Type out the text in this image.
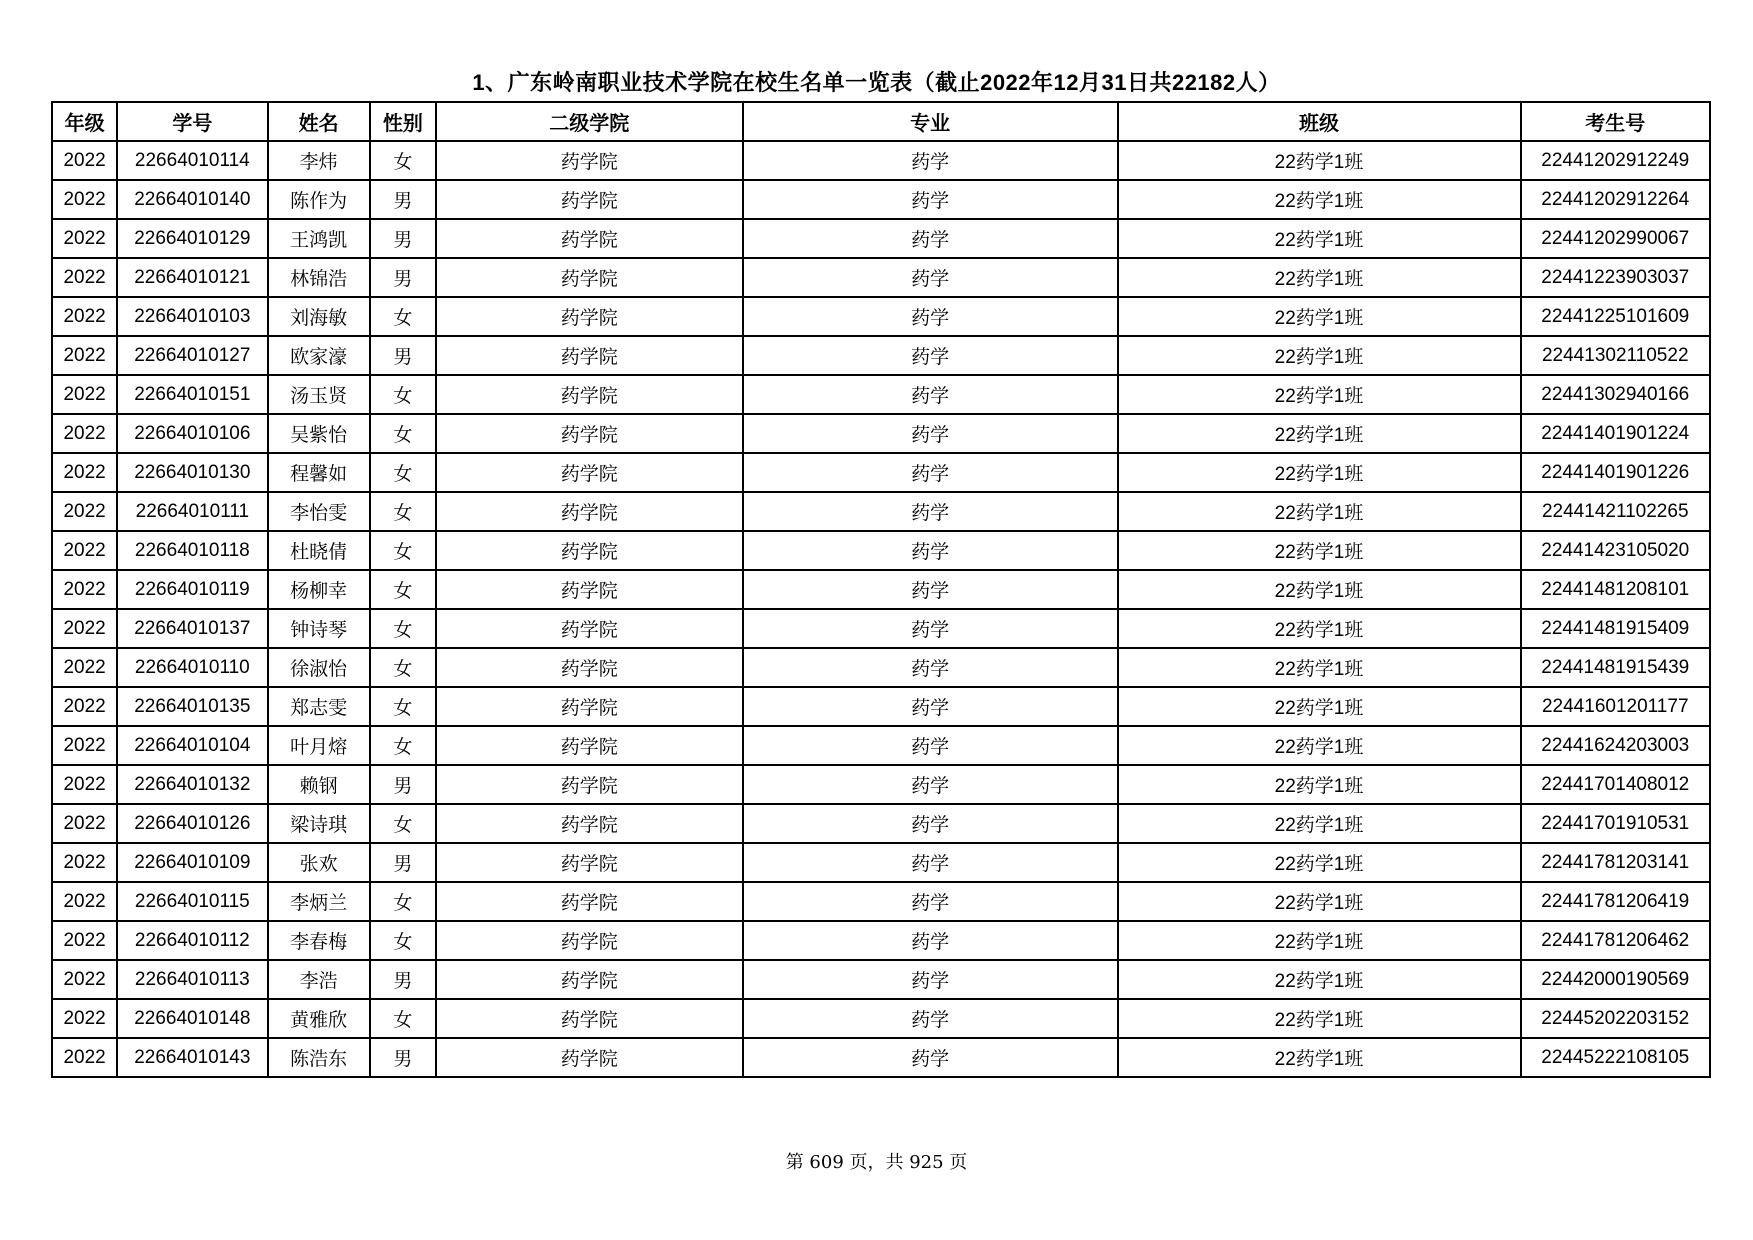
1、广东岭南职业技术学院在校生名单一览表（截止2022年12月31日共22182人）
年级	学号	姓名	性别	二级学院	专业	班级	考生号
2022	22664010114	李炜	女	药学院	药学	22药学1班	22441202912249
2022	22664010140	陈作为	男	药学院	药学	22药学1班	22441202912264
2022	22664010129	王鸿凯	男	药学院	药学	22药学1班	22441202990067
2022	22664010121	林锦浩	男	药学院	药学	22药学1班	22441223903037
2022	22664010103	刘海敏	女	药学院	药学	22药学1班	22441225101609
2022	22664010127	欧家濠	男	药学院	药学	22药学1班	22441302110522
2022	22664010151	汤玉贤	女	药学院	药学	22药学1班	22441302940166
2022	22664010106	吴紫怡	女	药学院	药学	22药学1班	22441401901224
2022	22664010130	程馨如	女	药学院	药学	22药学1班	22441401901226
2022	22664010111	李怡雯	女	药学院	药学	22药学1班	22441421102265
2022	22664010118	杜晓倩	女	药学院	药学	22药学1班	22441423105020
2022	22664010119	杨柳幸	女	药学院	药学	22药学1班	22441481208101
2022	22664010137	钟诗琴	女	药学院	药学	22药学1班	22441481915409
2022	22664010110	徐淑怡	女	药学院	药学	22药学1班	22441481915439
2022	22664010135	郑志雯	女	药学院	药学	22药学1班	22441601201177
2022	22664010104	叶月熔	女	药学院	药学	22药学1班	22441624203003
2022	22664010132	赖钢	男	药学院	药学	22药学1班	22441701408012
2022	22664010126	梁诗琪	女	药学院	药学	22药学1班	22441701910531
2022	22664010109	张欢	男	药学院	药学	22药学1班	22441781203141
2022	22664010115	李炳兰	女	药学院	药学	22药学1班	22441781206419
2022	22664010112	李春梅	女	药学院	药学	22药学1班	22441781206462
2022	22664010113	李浩	男	药学院	药学	22药学1班	22442000190569
2022	22664010148	黄雅欣	女	药学院	药学	22药学1班	22445202203152
2022	22664010143	陈浩东	男	药学院	药学	22药学1班	22445222108105
第 609 页，共 925 页
